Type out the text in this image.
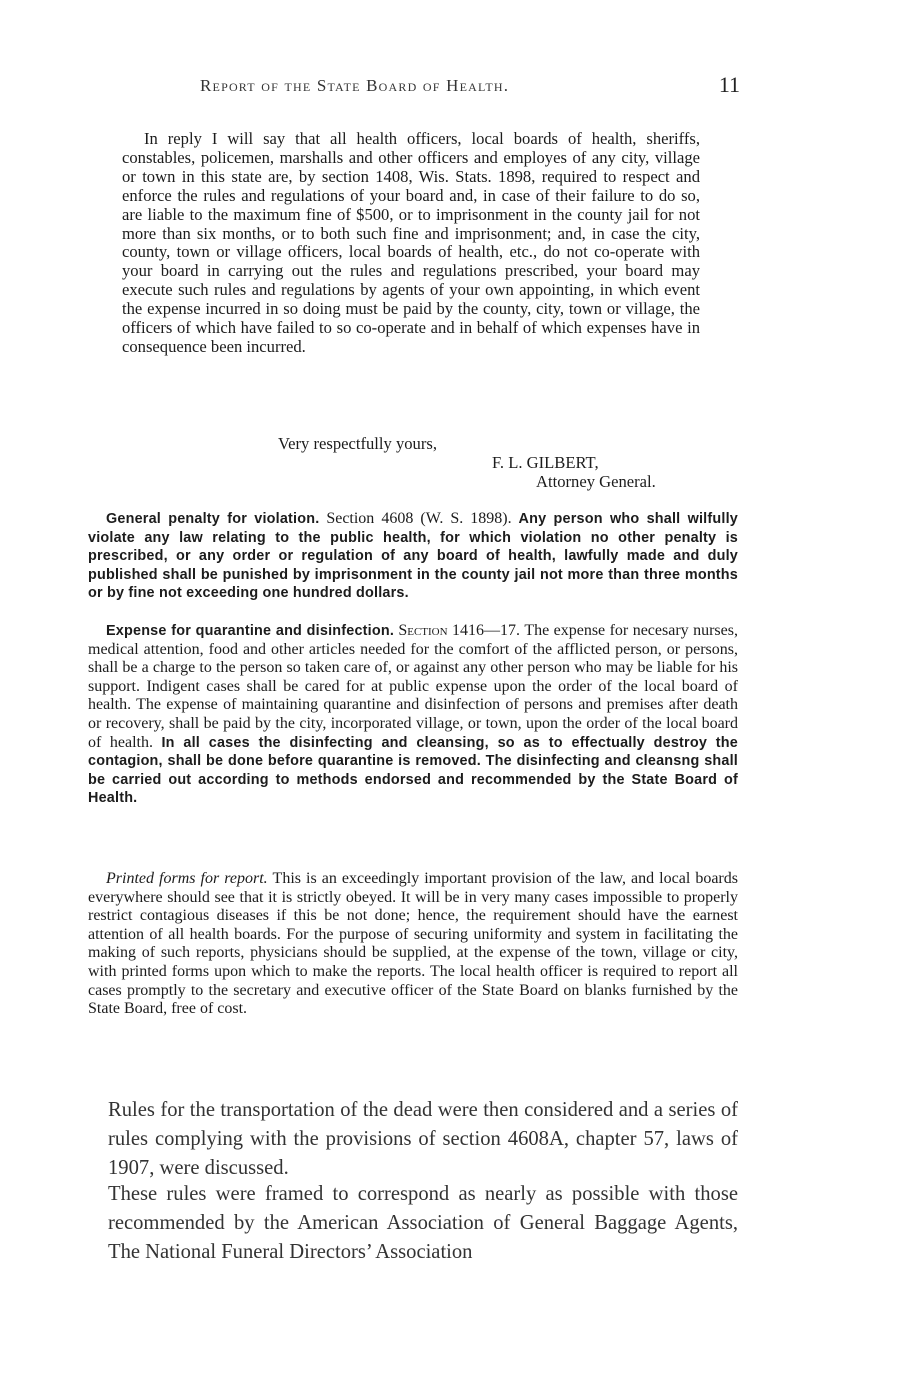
Report of the State Board of Health.	11

In reply I will say that all health officers, local boards of health, sheriffs, constables, policemen, marshalls and other officers and employes of any city, village or town in this state are, by section 1408, Wis. Stats. 1898, required to respect and enforce the rules and regulations of your board and, in case of their failure to do so, are liable to the maximum fine of $500, or to imprisonment in the county jail for not more than six months, or to both such fine and imprisonment; and, in case the city, county, town or village officers, local boards of health, etc., do not co-operate with your board in carrying out the rules and regulations prescribed, your board may execute such rules and regulations by agents of your own appointing, in which event the expense incurred in so doing must be paid by the county, city, town or village, the officers of which have failed to so co-operate and in behalf of which expenses have in consequence been incurred.

Very respectfully yours,
F. L. GILBERT,
Attorney General.

General penalty for violation. Section 4608 (W. S. 1898). Any person who shall wilfully violate any law relating to the public health, for which violation no other penalty is prescribed, or any order or regulation of any board of health, lawfully made and duly published shall be punished by imprisonment in the county jail not more than three months or by fine not exceeding one hundred dollars.

Expense for quarantine and disinfection. Section 1416—17. The expense for necesary nurses, medical attention, food and other articles needed for the comfort of the afflicted person, or persons, shall be a charge to the person so taken care of, or against any other person who may be liable for his support. Indigent cases shall be cared for at public expense upon the order of the local board of health. The expense of maintaining quarantine and disinfection of persons and premises after death or recovery, shall be paid by the city, incorporated village, or town, upon the order of the local board of health. In all cases the disinfecting and cleansing, so as to effectually destroy the contagion, shall be done before quarantine is removed. The disinfecting and cleansng shall be carried out according to methods endorsed and recommended by the State Board of Health.

Printed forms for report. This is an exceedingly important provision of the law, and local boards everywhere should see that it is strictly obeyed. It will be in very many cases impossible to properly restrict contagious diseases if this be not done; hence, the requirement should have the earnest attention of all health boards. For the purpose of securing uniformity and system in facilitating the making of such reports, physicians should be supplied, at the expense of the town, village or city, with printed forms upon which to make the reports. The local health officer is required to report all cases promptly to the secretary and executive officer of the State Board on blanks furnished by the State Board, free of cost.

Rules for the transportation of the dead were then considered and a series of rules complying with the provisions of section 4608A, chapter 57, laws of 1907, were discussed.

These rules were framed to correspond as nearly as possible with those recommended by the American Association of General Baggage Agents, The National Funeral Directors’ Association
